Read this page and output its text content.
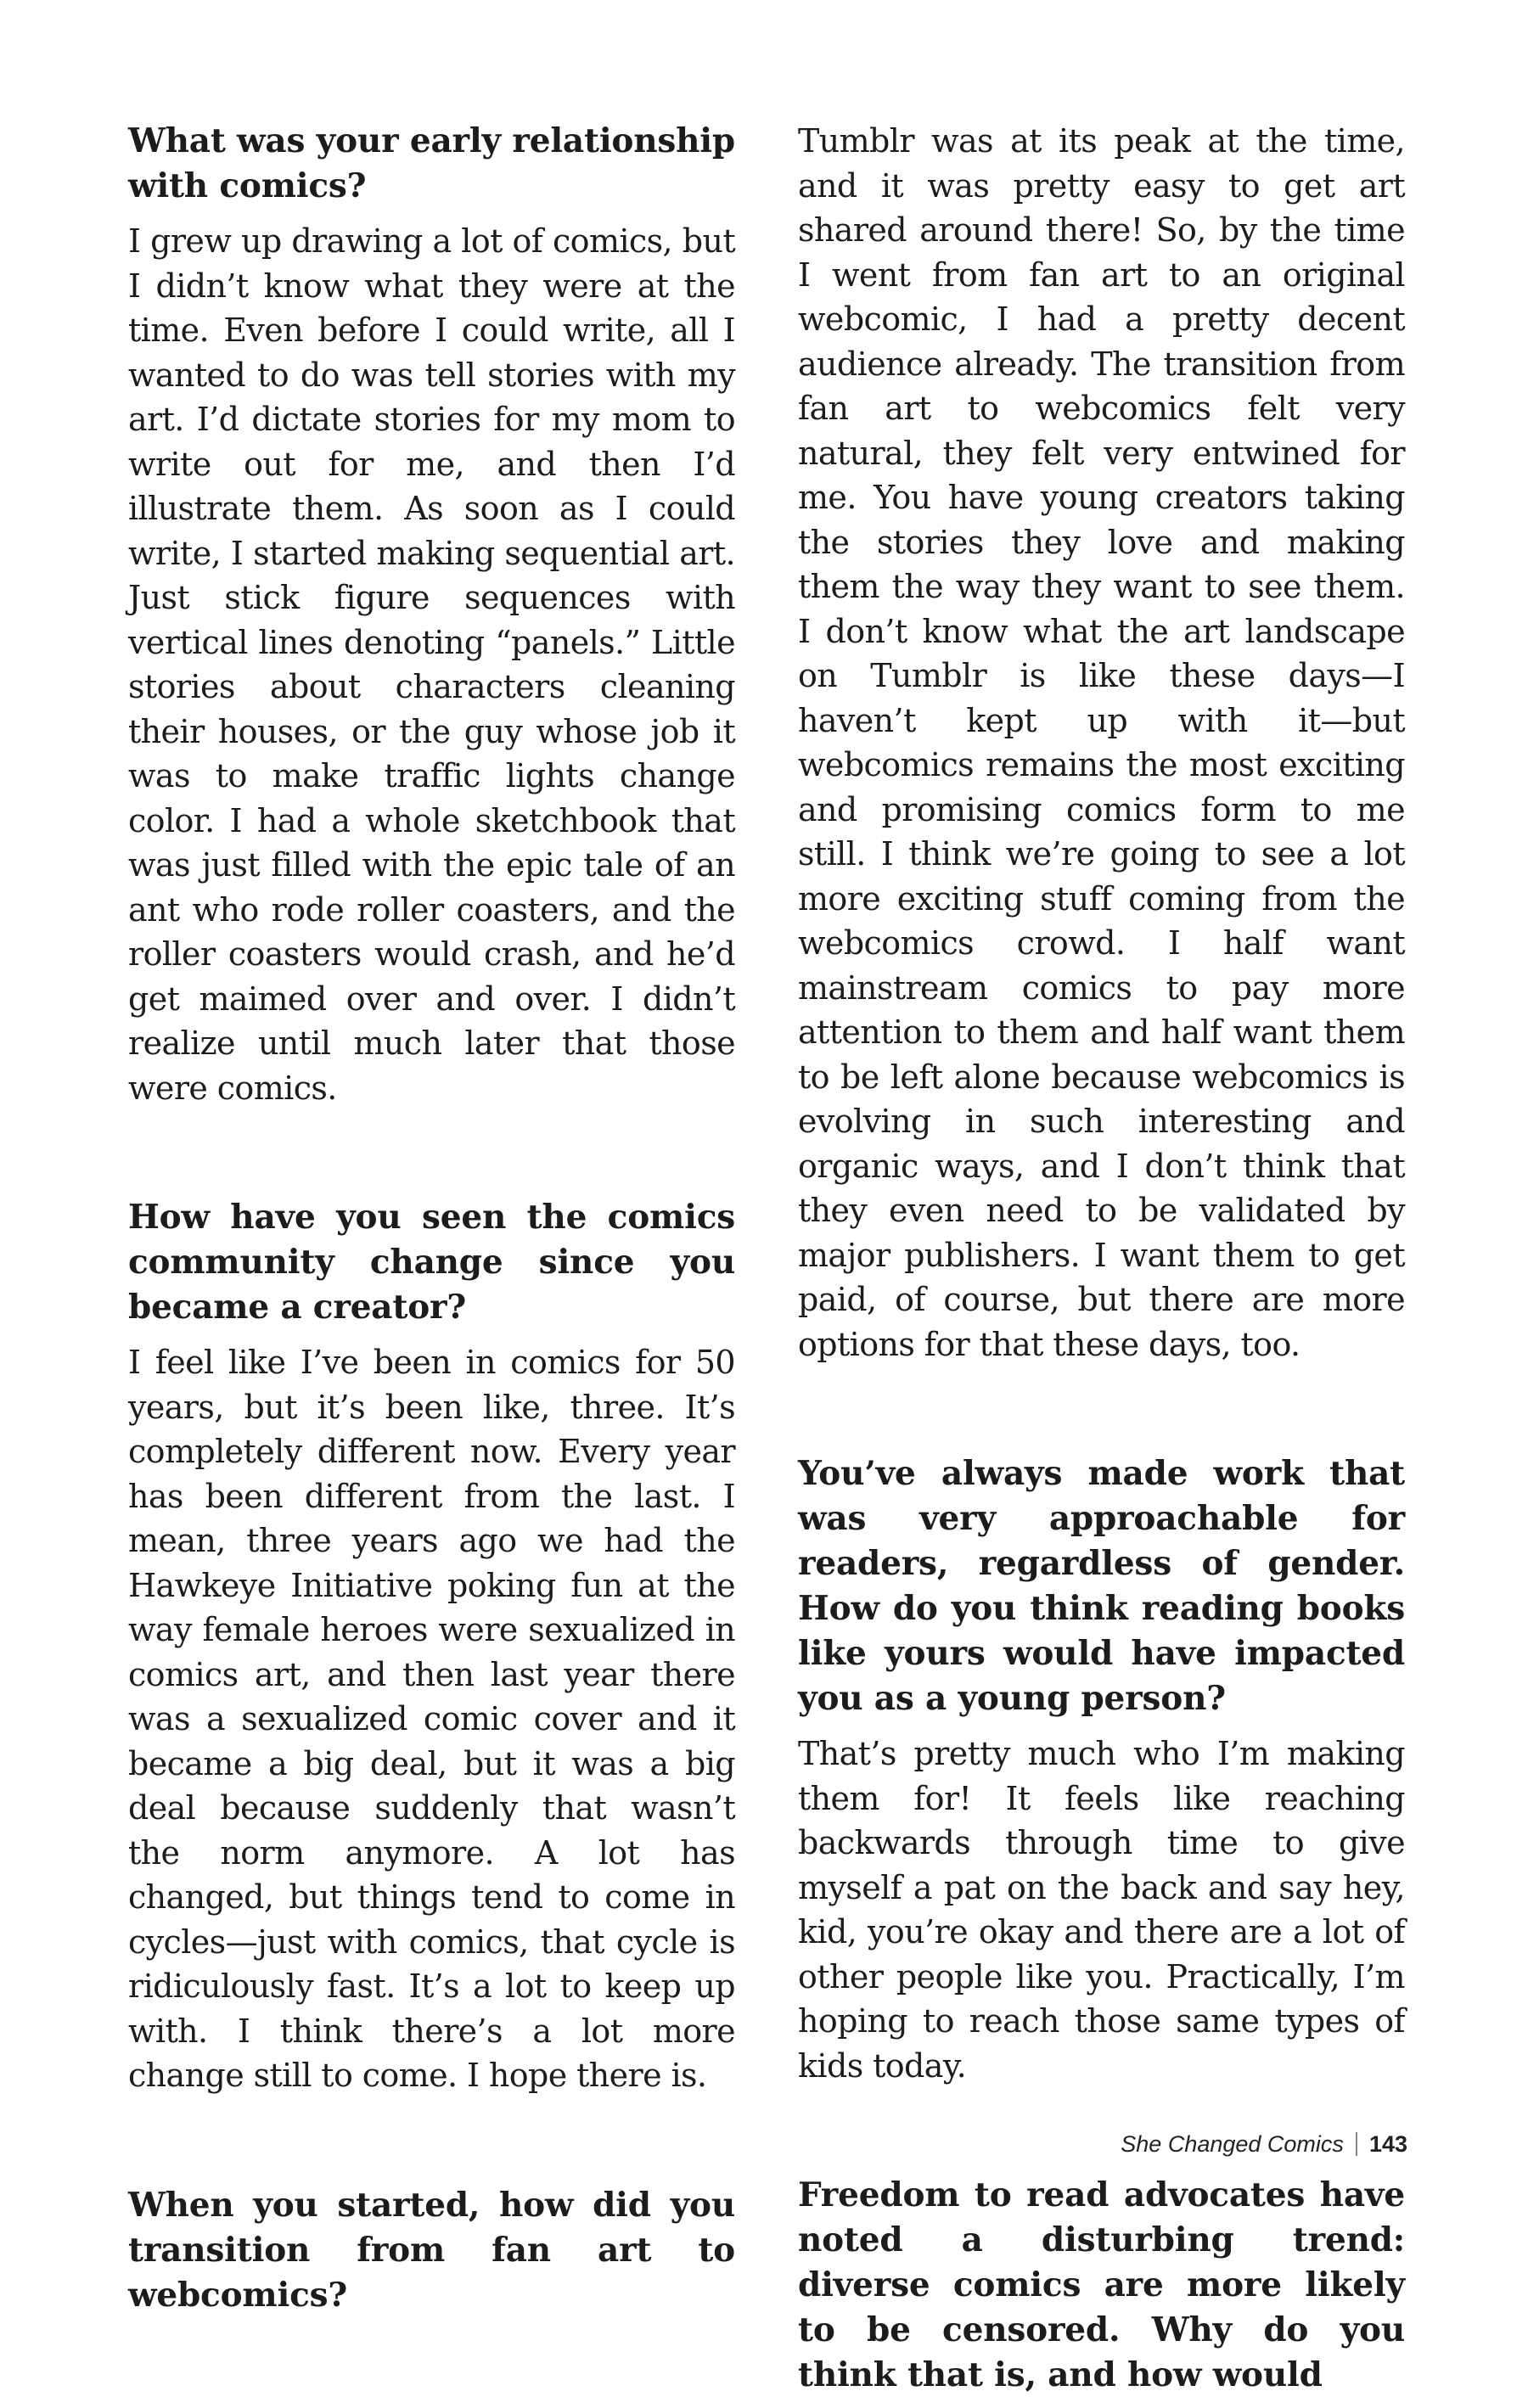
What was your early relationship with comics?

I grew up drawing a lot of comics, but I didn’t know what they were at the time. Even before I could write, all I wanted to do was tell stories with my art. I’d dictate stories for my mom to write out for me, and then I’d illustrate them. As soon as I could write, I started making sequential art. Just stick figure sequences with vertical lines denoting “panels.” Little stories about characters cleaning their houses, or the guy whose job it was to make traffic lights change color. I had a whole sketchbook that was just filled with the epic tale of an ant who rode roller coasters, and the roller coasters would crash, and he’d get maimed over and over. I didn’t realize until much later that those were comics.

How have you seen the comics community change since you became a creator?

I feel like I’ve been in comics for 50 years, but it’s been like, three. It’s completely different now. Every year has been different from the last. I mean, three years ago we had the Hawkeye Initiative poking fun at the way female heroes were sexualized in comics art, and then last year there was a sexualized comic cover and it became a big deal, but it was a big deal because suddenly that wasn’t the norm anymore. A lot has changed, but things tend to come in cycles—just with comics, that cycle is ridiculously fast. It’s a lot to keep up with. I think there’s a lot more change still to come. I hope there is.

When you started, how did you transition from fan art to webcomics?

Tumblr was at its peak at the time, and it was pretty easy to get art shared around there! So, by the time I went from fan art to an original webcomic, I had a pretty decent audience already. The transition from fan art to webcomics felt very natural, they felt very entwined for me. You have young creators taking the stories they love and making them the way they want to see them. I don’t know what the art landscape on Tumblr is like these days—I haven’t kept up with it—but webcomics remains the most exciting and promising comics form to me still. I think we’re going to see a lot more exciting stuff coming from the webcomics crowd. I half want mainstream comics to pay more attention to them and half want them to be left alone because webcomics is evolving in such interesting and organic ways, and I don’t think that they even need to be validated by major publishers. I want them to get paid, of course, but there are more options for that these days, too.

You’ve always made work that was very approachable for readers, regardless of gender. How do you think reading books like yours would have impacted you as a young person?

That’s pretty much who I’m making them for! It feels like reaching backwards through time to give myself a pat on the back and say hey, kid, you’re okay and there are a lot of other people like you. Practically, I’m hoping to reach those same types of kids today.

Freedom to read advocates have noted a disturbing trend: diverse comics are more likely to be censored. Why do you think that is, and how would

She Changed Comics 143
